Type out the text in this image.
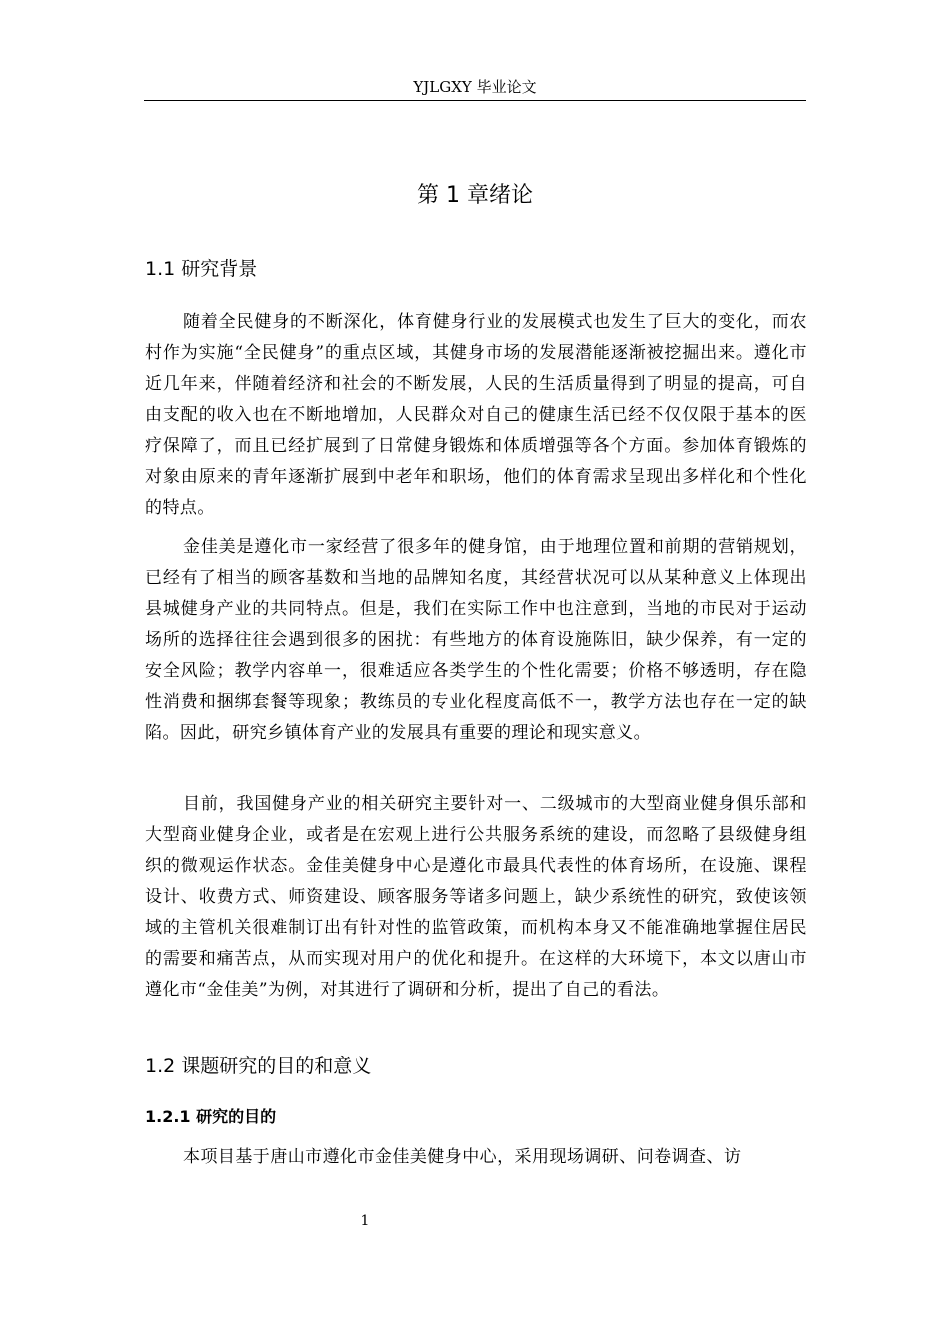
YJLGXY 毕业论文
第 1 章绪论
1.1 研究背景

随着全民健身的不断深化，体育健身行业的发展模式也发生了巨大的变化，而农村作为实施“全民健身”的重点区域，其健身市场的发展潜能逐渐被挖掘出来。遵化市近几年来，伴随着经济和社会的不断发展，人民的生活质量得到了明显的提高，可自由支配的收入也在不断地增加，人民群众对自己的健康生活已经不仅仅限于基本的医疗保障了，而且已经扩展到了日常健身锻炼和体质增强等各个方面。参加体育锻炼的对象由原来的青年逐渐扩展到中老年和职场，他们的体育需求呈现出多样化和个性化的特点。

金佳美是遵化市一家经营了很多年的健身馆，由于地理位置和前期的营销规划，已经有了相当的顾客基数和当地的品牌知名度，其经营状况可以从某种意义上体现出县城健身产业的共同特点。但是，我们在实际工作中也注意到，当地的市民对于运动场所的选择往往会遇到很多的困扰：有些地方的体育设施陈旧，缺少保养，有一定的安全风险；教学内容单一，很难适应各类学生的个性化需要；价格不够透明，存在隐性消费和捆绑套餐等现象；教练员的专业化程度高低不一，教学方法也存在一定的缺陷。因此，研究乡镇体育产业的发展具有重要的理论和现实意义。

目前，我国健身产业的相关研究主要针对一、二级城市的大型商业健身俱乐部和大型商业健身企业，或者是在宏观上进行公共服务系统的建设，而忽略了县级健身组织的微观运作状态。金佳美健身中心是遵化市最具代表性的体育场所，在设施、课程设计、收费方式、师资建设、顾客服务等诸多问题上，缺少系统性的研究，致使该领域的主管机关很难制订出有针对性的监管政策，而机构本身又不能准确地掌握住居民的需要和痛苦点，从而实现对用户的优化和提升。在这样的大环境下，本文以唐山市遵化市“金佳美”为例，对其进行了调研和分析，提出了自己的看法。

1.2 课题研究的目的和意义
1.2.1 研究的目的

本项目基于唐山市遵化市金佳美健身中心，采用现场调研、问卷调查、访

1
